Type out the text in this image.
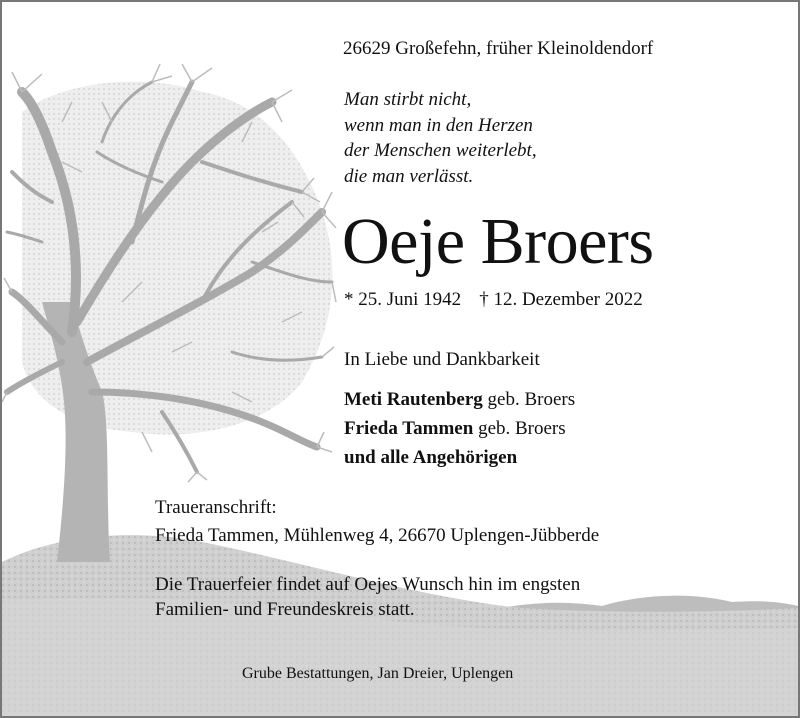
26629 Großefehn, früher Kleinoldendorf
Man stirbt nicht,
wenn man in den Herzen
der Menschen weiterlebt,
die man verlässt.
Oeje Broers
* 25. Juni 1942 † 12. Dezember 2022
In Liebe und Dankbarkeit
Meti Rautenberg geb. Broers
Frieda Tammen geb. Broers
und alle Angehörigen
Traueranschrift:
Frieda Tammen, Mühlenweg 4, 26670 Uplengen-Jübberde
Die Trauerfeier findet auf Oejes Wunsch hin im engsten
Familien- und Freundeskreis statt.
Grube Bestattungen, Jan Dreier, Uplengen
